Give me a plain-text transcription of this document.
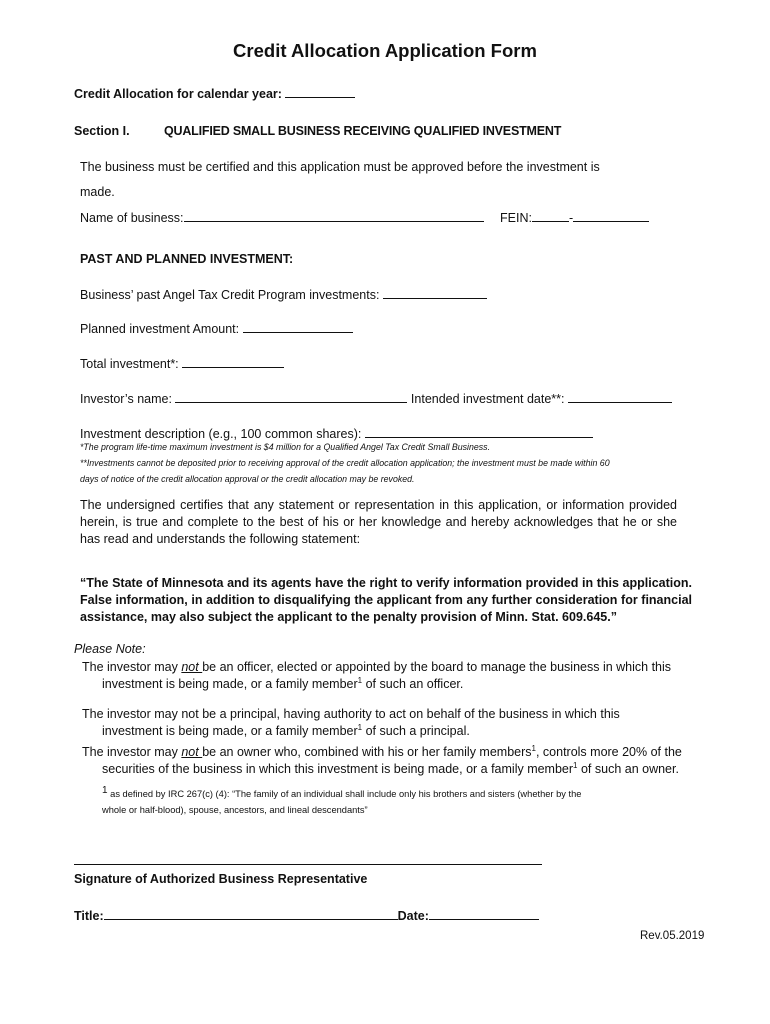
Credit Allocation Application Form
Credit Allocation for calendar year:
Section I.	QUALIFIED SMALL BUSINESS RECEIVING QUALIFIED INVESTMENT
The business must be certified and this application must be approved before the investment is
made.
Name of business:	FEIN:	-
PAST AND PLANNED INVESTMENT:
Business’ past Angel Tax Credit Program investments:
Planned investment Amount:
Total investment*:
Investor’s name:	Intended investment date**:
Investment description (e.g., 100 common shares):
*The program life-time maximum investment is $4 million for a Qualified Angel Tax Credit Small Business.
**Investments cannot be deposited prior to receiving approval of the credit allocation application; the investment must be made within 60
days of notice of the credit allocation approval or the credit allocation may be revoked.
The undersigned certifies that any statement or representation in this application, or information provided herein, is true and complete to the best of his or her knowledge and hereby acknowledges that he or she has read and understands the following statement:
“The State of Minnesota and its agents have the right to verify information provided in this application. False information, in addition to disqualifying the applicant from any further consideration for financial assistance, may also subject the applicant to the penalty provision of Minn. Stat. 609.645.”
Please Note:
The investor may not be an officer, elected or appointed by the board to manage the business in which this
investment is being made, or a family member$^1$ of such an officer.
The investor may not be a principal, having authority to act on behalf of the business in which this
investment is being made, or a family member$^1$ of such a principal.
The investor may not be an owner who, combined with his or her family members$^1$, controls more 20% of the
securities of the business in which this investment is being made, or a family member$^1$ of such an owner.
$^1$ as defined by IRC 267(c) (4): “The family of an individual shall include only his brothers and sisters (whether by the
whole or half-blood), spouse, ancestors, and lineal descendants”
Signature of Authorized Business Representative
Title:	Date:
Rev.05.2019
